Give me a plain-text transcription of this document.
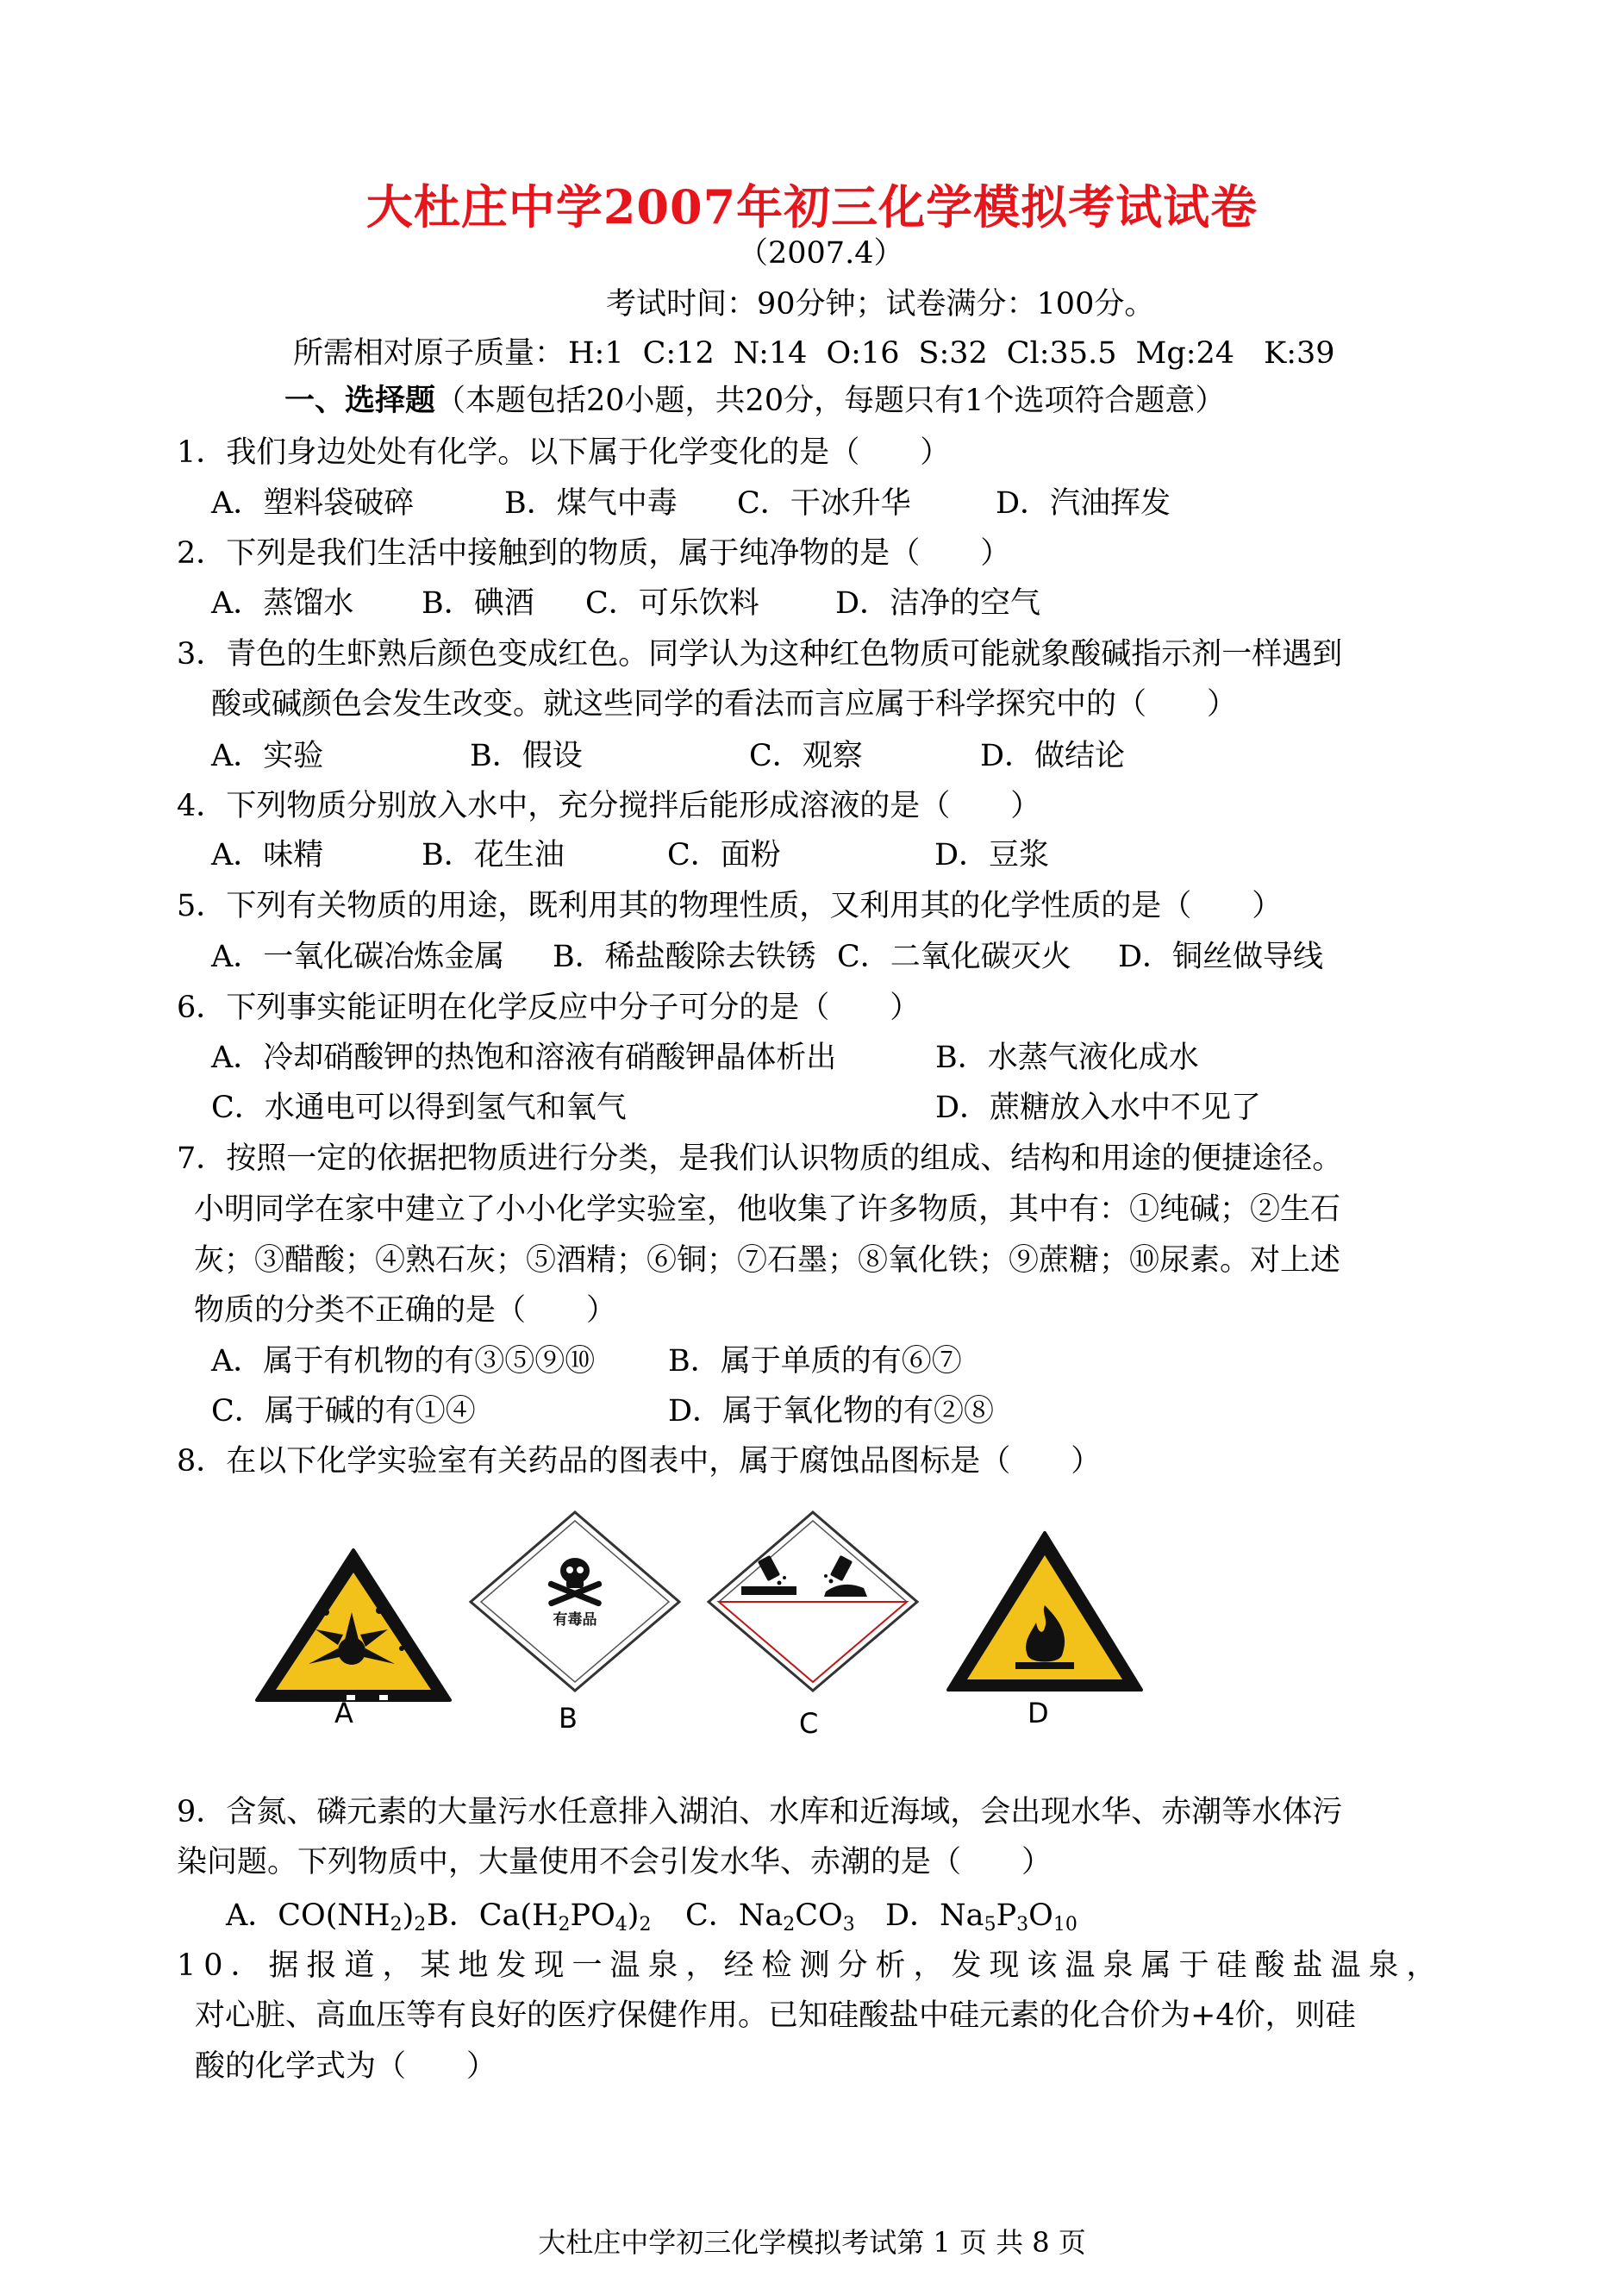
大杜庄中学2007年初三化学模拟考试试卷
（2007.4）
考试时间：90分钟；试卷满分：100分。
所需相对原子质量： H:1 C:12 N:14 O:16 S:32 Cl:35.5 Mg:24 K:39
一、选择题（本题包括20小题，共20分，每题只有1个选项符合题意）
1．我们身边处处有化学。以下属于化学变化的是（　　）
A．塑料袋破碎	B．煤气中毒 C．干冰升华	D．汽油挥发
2．下列是我们生活中接触到的物质，属于纯净物的是（　　）
A．蒸馏水 B．碘酒 C．可乐饮料	D．洁净的空气
3．青色的生虾熟后颜色变成红色。同学认为这种红色物质可能就象酸碱指示剂一样遇到
酸或碱颜色会发生改变。就这些同学的看法而言应属于科学探究中的（　　）
A．实验	B．假设	C．观察	D．做结论
4．下列物质分别放入水中，充分搅拌后能形成溶液的是（　　）
A．味精	B．花生油	C．面粉	D．豆浆
5．下列有关物质的用途，既利用其的物理性质，又利用其的化学性质的是（　　）
A．一氧化碳冶炼金属 B．稀盐酸除去铁锈 C．二氧化碳灭火 D．铜丝做导线
6．下列事实能证明在化学反应中分子可分的是（　　）
A．冷却硝酸钾的热饱和溶液有硝酸钾晶体析出	B．水蒸气液化成水
C．水通电可以得到氢气和氧气	D．蔗糖放入水中不见了
7．按照一定的依据把物质进行分类，是我们认识物质的组成、结构和用途的便捷途径。
小明同学在家中建立了小小化学实验室，他收集了许多物质，其中有：①纯碱；②生石
灰；③醋酸；④熟石灰；⑤酒精；⑥铜；⑦石墨；⑧氧化铁；⑨蔗糖；⑩尿素。对上述
物质的分类不正确的是（　　）
A．属于有机物的有③⑤⑨⑩ B．属于单质的有⑥⑦
C．属于碱的有①④	D．属于氧化物的有②⑧
8．在以下化学实验室有关药品的图表中，属于腐蚀品图标是（　　）
A
有毒品
B	C	D
9．含氮、磷元素的大量污水任意排入湖泊、水库和近海域，会出现水华、赤潮等水体污
染问题。下列物质中，大量使用不会引发水华、赤潮的是（　　）
A．$CO(NH_2)_2B$．$Ca(H_2PO_4)_2$ C．$Na_2CO_3$ D．$Na_5P_3O_{10}$
10．据报道，某地发现一温泉，经检测分析，发现该温泉属于硅酸盐温泉，
对心脏、高血压等有良好的医疗保健作用。已知硅酸盐中硅元素的化合价为+4价，则硅
酸的化学式为（　　）
大杜庄中学初三化学模拟考试第 1 页 共 8 页
